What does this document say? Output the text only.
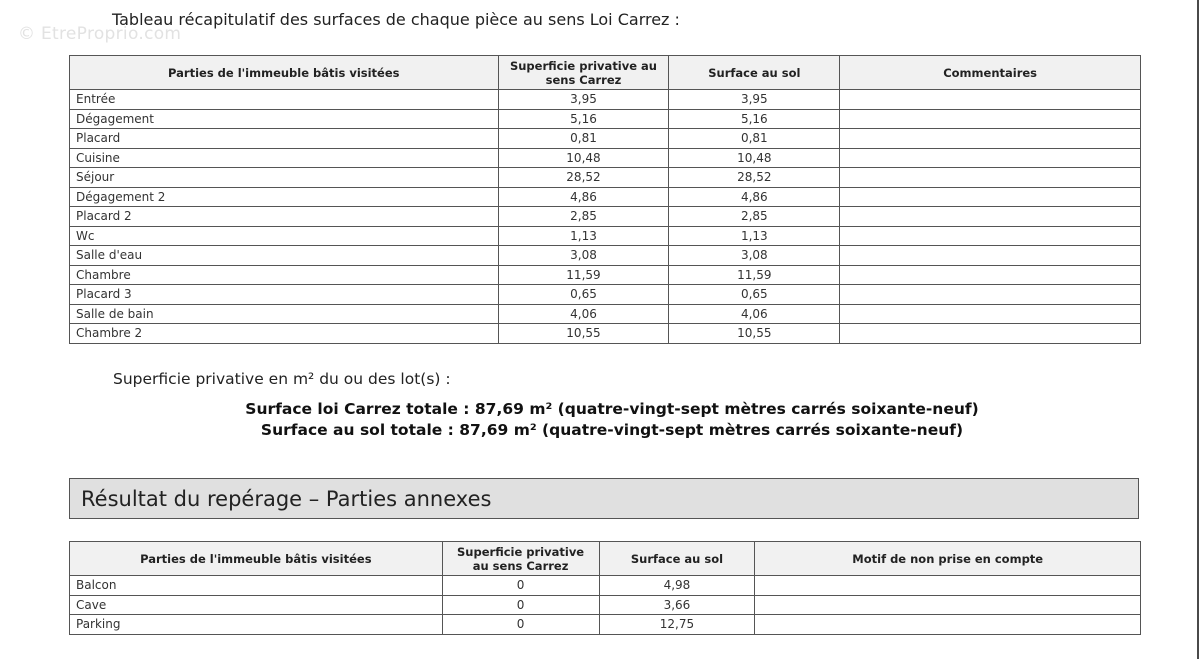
© EtreProprio.com
Tableau récapitulatif des surfaces de chaque pièce au sens Loi Carrez :
Parties de l'immeuble bâtis visitées	Superficie privative au sens Carrez	Surface au sol	Commentaires
Entrée	3,95	3,95	
Dégagement	5,16	5,16	
Placard	0,81	0,81	
Cuisine	10,48	10,48	
Séjour	28,52	28,52	
Dégagement 2	4,86	4,86	
Placard 2	2,85	2,85	
Wc	1,13	1,13	
Salle d'eau	3,08	3,08	
Chambre	11,59	11,59	
Placard 3	0,65	0,65	
Salle de bain	4,06	4,06	
Chambre 2	10,55	10,55	
Superficie privative en m² du ou des lot(s) :
Surface loi Carrez totale : 87,69 m² (quatre-vingt-sept mètres carrés soixante-neuf)
Surface au sol totale : 87,69 m² (quatre-vingt-sept mètres carrés soixante-neuf)
Résultat du repérage – Parties annexes
Parties de l'immeuble bâtis visitées	Superficie privative au sens Carrez	Surface au sol	Motif de non prise en compte
Balcon	0	4,98	
Cave	0	3,66	
Parking	0	12,75	
